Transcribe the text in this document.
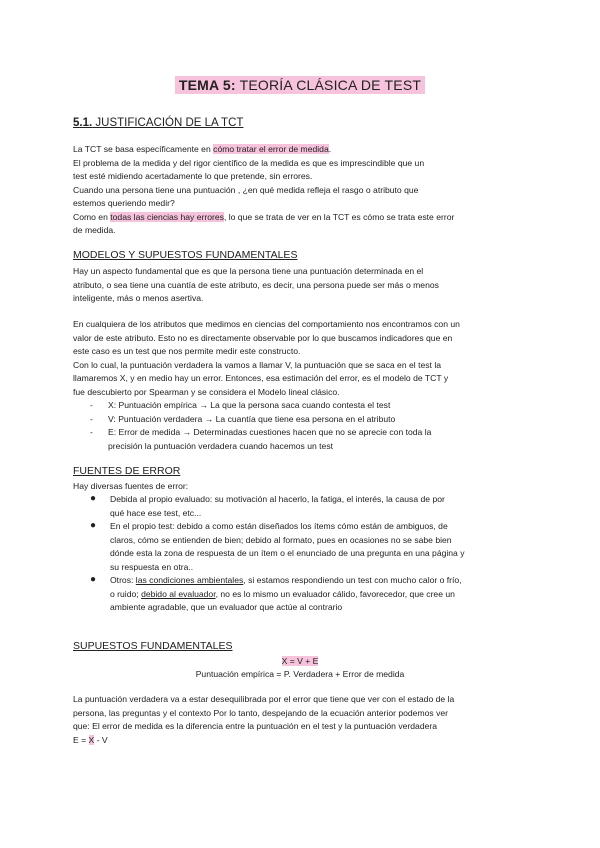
TEMA 5: TEORÍA CLÁSICA DE TEST
5.1. JUSTIFICACIÓN DE LA TCT
La TCT se basa específicamente en cómo tratar el error de medida.
El problema de la medida y del rigor científico de la medida es que es imprescindible que un
test esté midiendo acertadamente lo que pretende, sin errores.
Cuando una persona tiene una puntuación , ¿en qué medida refleja el rasgo o atributo que
estemos queriendo medir?
Como en todas las ciencias hay errores, lo que se trata de ver en la TCT es cómo se trata este error
de medida.
MODELOS Y SUPUESTOS FUNDAMENTALES
Hay un aspecto fundamental que es que la persona tiene una puntuación determinada en el
atributo, o sea tiene una cuantía de este atributo, es decir, una persona puede ser más o menos
inteligente, más o menos asertiva.
En cualquiera de los atributos que medimos en ciencias del comportamiento nos encontramos con un
valor de este atributo. Esto no es directamente observable por lo que buscamos indicadores que en
este caso es un test que nos permite medir este constructo.
Con lo cual, la puntuación verdadera la vamos a llamar V, la puntuación que se saca en el test la
llamaremos X, y en medio hay un error. Entonces, esa estimación del error, es el modelo de TCT y
fue descubierto por Spearman y se considera el Modelo lineal clásico.
- X: Puntuación empírica → La que la persona saca cuando contesta el test
- V: Puntuación verdadera → La cuantía que tiene esa persona en el atributo
- E: Error de medida → Determinadas cuestiones hacen que no se aprecie con toda la
precisión la puntuación verdadera cuando hacemos un test
FUENTES DE ERROR
Hay diversas fuentes de error:
● Debida al propio evaluado: su motivación al hacerlo, la fatiga, el interés, la causa de por
qué hace ese test, etc...
● En el propio test: debido a como están diseñados los ítems cómo están de ambiguos, de
claros, cómo se entienden de bien; debido al formato, pues en ocasiones no se sabe bien
dónde esta la zona de respuesta de un ítem o el enunciado de una pregunta en una página y
su respuesta en otra..
● Otros: las condiciones ambientales, si estamos respondiendo un test con mucho calor o frío,
o ruido; debido al evaluador, no es lo mismo un evaluador cálido, favorecedor, que cree un
ambiente agradable, que un evaluador que actúe al contrario
SUPUESTOS FUNDAMENTALES
X = V + E
Puntuación empírica = P. Verdadera + Error de medida
La puntuación verdadera va a estar desequilibrada por el error que tiene que ver con el estado de la
persona, las preguntas y el contexto Por lo tanto, despejando de la ecuación anterior podemos ver
que: El error de medida es la diferencia entre la puntuación en el test y la puntuación verdadera
E = X - V
